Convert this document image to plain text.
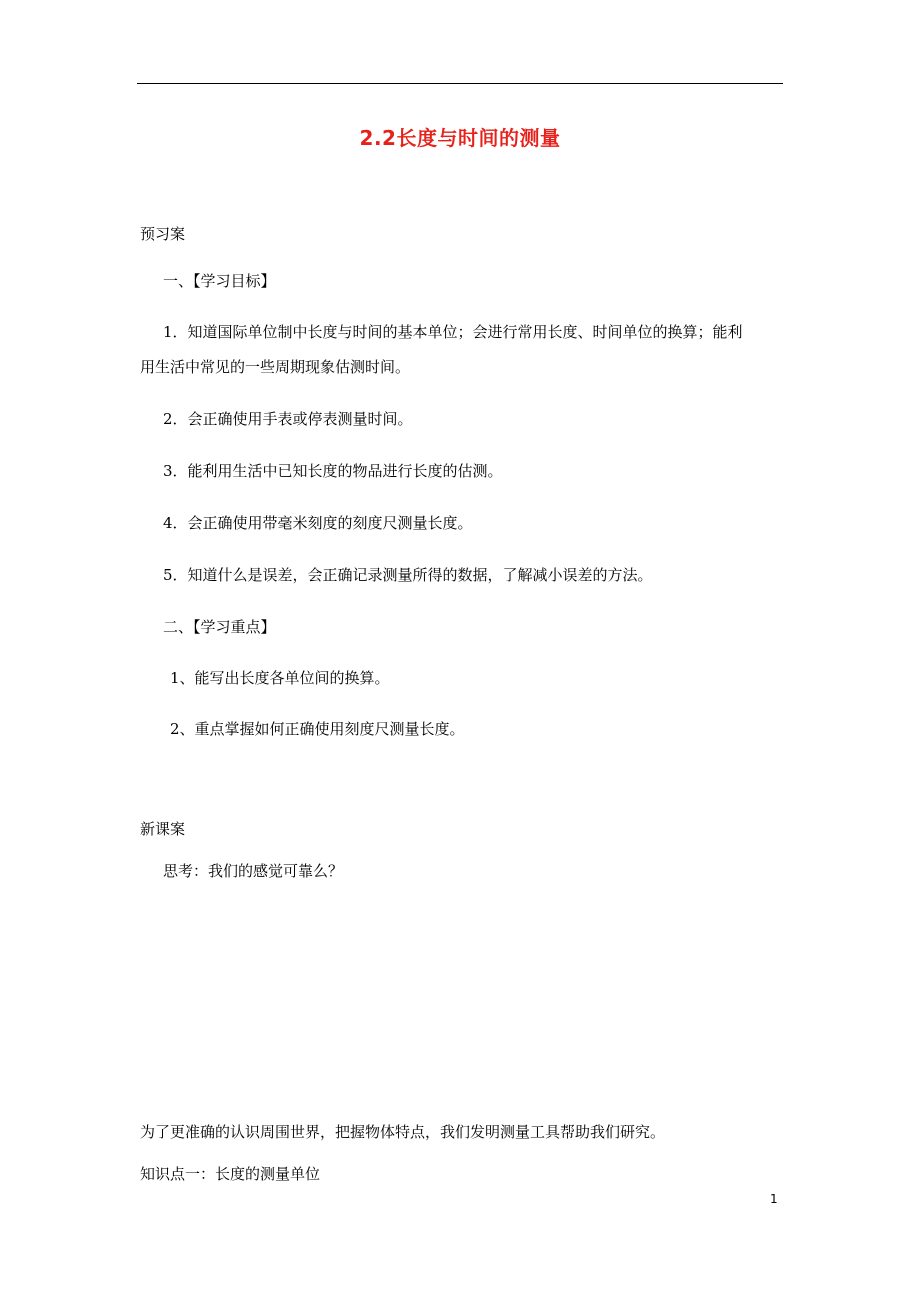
2.2长度与时间的测量
预习案
一、【学习目标】
1．知道国际单位制中长度与时间的基本单位；会进行常用长度、时间单位的换算；能利
用生活中常见的一些周期现象估测时间。
2．会正确使用手表或停表测量时间。
3．能利用生活中已知长度的物品进行长度的估测。
4．会正确使用带毫米刻度的刻度尺测量长度。
5．知道什么是误差，会正确记录测量所得的数据，了解减小误差的方法。
二、【学习重点】
1、能写出长度各单位间的换算。
2、重点掌握如何正确使用刻度尺测量长度。
新课案
思考：我们的感觉可靠么？
为了更准确的认识周围世界，把握物体特点，我们发明测量工具帮助我们研究。
知识点一：长度的测量单位
1
